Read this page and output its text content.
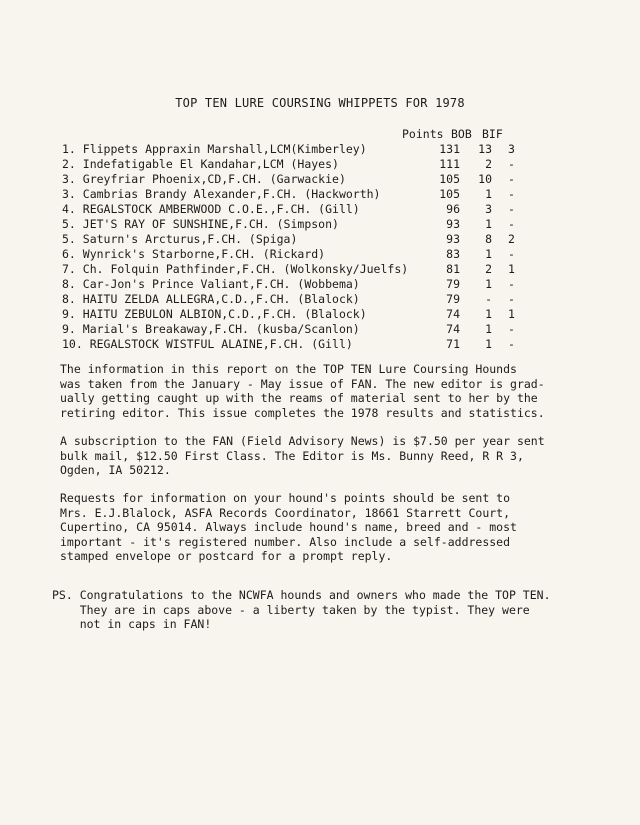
TOP TEN LURE COURSING WHIPPETS FOR 1978
Points BOB BIF
1. Flippets Appraxin Marshall,LCM(Kimberley)	131	13 3
2. Indefatigable El Kandahar,LCM (Hayes)	111	2 -
3. Greyfriar Phoenix,CD,F.CH. (Garwackie)	105	10 -
3. Cambrias Brandy Alexander,F.CH. (Hackworth)	105	1 -
4. REGALSTOCK AMBERWOOD C.O.E.,F.CH. (Gill)	96	3 -
5. JET'S RAY OF SUNSHINE,F.CH. (Simpson)	93	1 -
5. Saturn's Arcturus,F.CH. (Spiga)	93	8 2
6. Wynrick's Starborne,F.CH. (Rickard)	83	1 -
7. Ch. Folquin Pathfinder,F.CH. (Wolkonsky/Juelfs)	81	2 1
8. Car-Jon's Prince Valiant,F.CH. (Wobbema)	79	1 -
8. HAITU ZELDA ALLEGRA,C.D.,F.CH. (Blalock)	79	- -
9. HAITU ZEBULON ALBION,C.D.,F.CH. (Blalock)	74	1 1
9. Marial's Breakaway,F.CH. (kusba/Scanlon)	74	1 -
10. REGALSTOCK WISTFUL ALAINE,F.CH. (Gill)	71	1 -
The information in this report on the TOP TEN Lure Coursing Hounds
was taken from the January - May issue of FAN. The new editor is grad-
ually getting caught up with the reams of material sent to her by the
retiring editor. This issue completes the 1978 results and statistics.
A subscription to the FAN (Field Advisory News) is $7.50 per year sent
bulk mail, $12.50 First Class. The Editor is Ms. Bunny Reed, R R 3,
Ogden, IA 50212.
Requests for information on your hound's points should be sent to
Mrs. E.J.Blalock, ASFA Records Coordinator, 18661 Starrett Court,
Cupertino, CA 95014. Always include hound's name, breed and - most
important - it's registered number. Also include a self-addressed
stamped envelope or postcard for a prompt reply.
PS. Congratulations to the NCWFA hounds and owners who made the TOP TEN.
They are in caps above - a liberty taken by the typist. They were
not in caps in FAN!
